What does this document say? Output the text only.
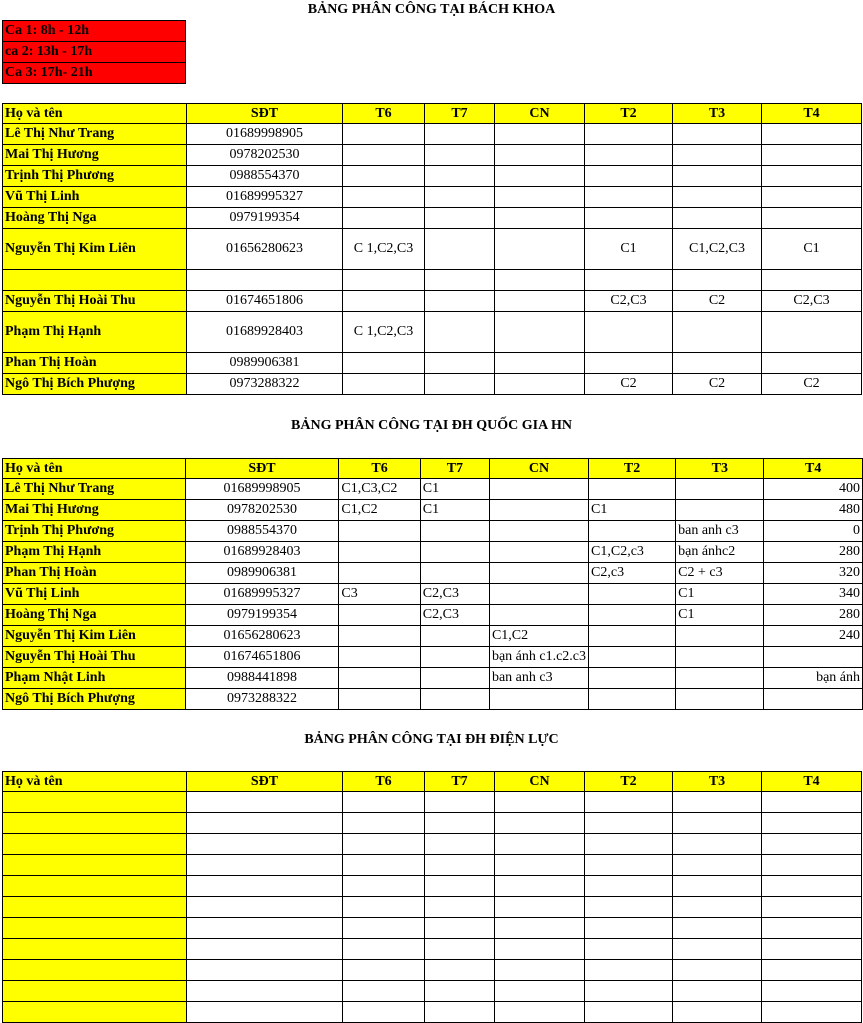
BẢNG PHÂN CÔNG TẠI BÁCH KHOA
Ca 1: 8h - 12h
ca 2: 13h - 17h
Ca 3: 17h- 21h
Họ và tên	SĐT	T6	T7	CN	T2	T3	T4
Lê Thị Như Trang	01689998905						
Mai Thị Hương	0978202530						
Trịnh Thị Phương	0988554370						
Vũ Thị Linh	01689995327						
Hoàng Thị Nga	0979199354						
Nguyễn Thị Kim Liên	01656280623	C 1,C2,C3			C1	C1,C2,C3	C1

Nguyễn Thị Hoài Thu	01674651806				C2,C3	C2	C2,C3
Phạm Thị Hạnh	01689928403	C 1,C2,C3					
Phan Thị Hoàn	0989906381						
Ngô Thị Bích Phượng	0973288322				C2	C2	C2
BẢNG PHÂN CÔNG TẠI ĐH QUỐC GIA HN
Họ và tên	SĐT	T6	T7	CN	T2	T3	T4
Lê Thị Như Trang	01689998905	C1,C3,C2	C1				400
Mai Thị Hương	0978202530	C1,C2	C1		C1		480
Trịnh Thị Phương	0988554370					ban anh c3	0
Phạm Thị Hạnh	01689928403				C1,C2,c3	bạn ánhc2	280
Phan Thị Hoàn	0989906381				C2,c3	C2 + c3	320
Vũ Thị Linh	01689995327	C3	C2,C3			C1	340
Hoàng Thị Nga	0979199354		C2,C3			C1	280
Nguyễn Thị Kim Liên	01656280623			C1,C2			240
Nguyễn Thị Hoài Thu	01674651806			bạn ánh c1.c2.c3			
Phạm Nhật Linh	0988441898			ban anh c3			bạn ánh
Ngô Thị Bích Phượng	0973288322						
BẢNG PHÂN CÔNG TẠI ĐH ĐIỆN LỰC
Họ và tên	SĐT	T6	T7	CN	T2	T3	T4
